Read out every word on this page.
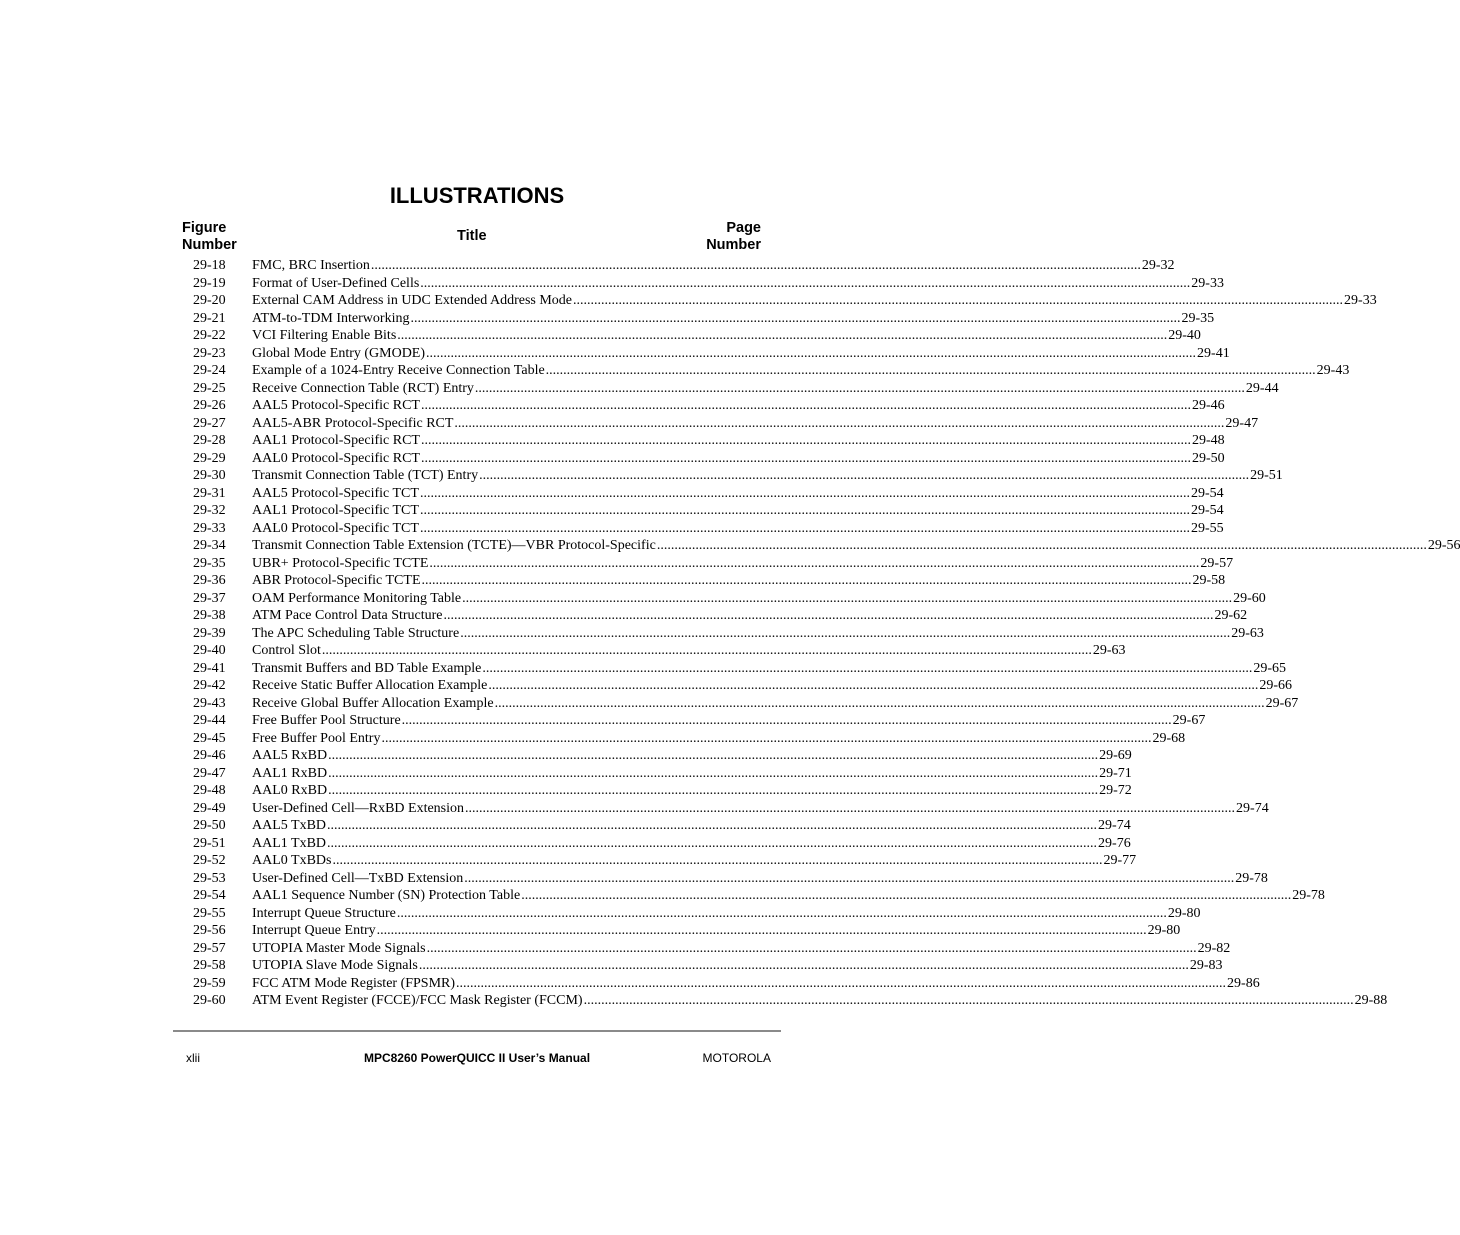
ILLUSTRATIONS
Figure
Number
Title	Page
Number
29-18 FMC, BRC Insertion ............................................................................................................................................................................................................................ 29-32
29-19 Format of User-Defined Cells ............................................................................................................................................................................................................................ 29-33
29-20 External CAM Address in UDC Extended Address Mode ............................................................................................................................................................................................................................ 29-33
29-21 ATM-to-TDM Interworking ............................................................................................................................................................................................................................ 29-35
29-22 VCI Filtering Enable Bits ............................................................................................................................................................................................................................ 29-40
29-23 Global Mode Entry (GMODE) ............................................................................................................................................................................................................................ 29-41
29-24 Example of a 1024-Entry Receive Connection Table ............................................................................................................................................................................................................................ 29-43
29-25 Receive Connection Table (RCT) Entry ............................................................................................................................................................................................................................ 29-44
29-26 AAL5 Protocol-Specific RCT ............................................................................................................................................................................................................................ 29-46
29-27 AAL5-ABR Protocol-Specific RCT ............................................................................................................................................................................................................................ 29-47
29-28 AAL1 Protocol-Specific RCT ............................................................................................................................................................................................................................ 29-48
29-29 AAL0 Protocol-Specific RCT ............................................................................................................................................................................................................................ 29-50
29-30 Transmit Connection Table (TCT) Entry ............................................................................................................................................................................................................................ 29-51
29-31 AAL5 Protocol-Specific TCT ............................................................................................................................................................................................................................ 29-54
29-32 AAL1 Protocol-Specific TCT ............................................................................................................................................................................................................................ 29-54
29-33 AAL0 Protocol-Specific TCT ............................................................................................................................................................................................................................ 29-55
29-34 Transmit Connection Table Extension (TCTE)—VBR Protocol-Specific ............................................................................................................................................................................................................................ 29-56
29-35 UBR+ Protocol-Specific TCTE ............................................................................................................................................................................................................................ 29-57
29-36 ABR Protocol-Specific TCTE ............................................................................................................................................................................................................................ 29-58
29-37 OAM Performance Monitoring Table ............................................................................................................................................................................................................................ 29-60
29-38 ATM Pace Control Data Structure ............................................................................................................................................................................................................................ 29-62
29-39 The APC Scheduling Table Structure ............................................................................................................................................................................................................................ 29-63
29-40 Control Slot ............................................................................................................................................................................................................................ 29-63
29-41 Transmit Buffers and BD Table Example ............................................................................................................................................................................................................................ 29-65
29-42 Receive Static Buffer Allocation Example ............................................................................................................................................................................................................................ 29-66
29-43 Receive Global Buffer Allocation Example ............................................................................................................................................................................................................................ 29-67
29-44 Free Buffer Pool Structure ............................................................................................................................................................................................................................ 29-67
29-45 Free Buffer Pool Entry ............................................................................................................................................................................................................................ 29-68
29-46 AAL5 RxBD ............................................................................................................................................................................................................................ 29-69
29-47 AAL1 RxBD ............................................................................................................................................................................................................................ 29-71
29-48 AAL0 RxBD ............................................................................................................................................................................................................................ 29-72
29-49 User-Defined Cell—RxBD Extension ............................................................................................................................................................................................................................ 29-74
29-50 AAL5 TxBD ............................................................................................................................................................................................................................ 29-74
29-51 AAL1 TxBD ............................................................................................................................................................................................................................ 29-76
29-52 AAL0 TxBDs ............................................................................................................................................................................................................................ 29-77
29-53 User-Defined Cell—TxBD Extension ............................................................................................................................................................................................................................ 29-78
29-54 AAL1 Sequence Number (SN) Protection Table ............................................................................................................................................................................................................................ 29-78
29-55 Interrupt Queue Structure ............................................................................................................................................................................................................................ 29-80
29-56 Interrupt Queue Entry ............................................................................................................................................................................................................................ 29-80
29-57 UTOPIA Master Mode Signals ............................................................................................................................................................................................................................ 29-82
29-58 UTOPIA Slave Mode Signals ............................................................................................................................................................................................................................ 29-83
29-59 FCC ATM Mode Register (FPSMR) ............................................................................................................................................................................................................................ 29-86
29-60 ATM Event Register (FCCE)/FCC Mask Register (FCCM) ............................................................................................................................................................................................................................ 29-88
xlii	MPC8260 PowerQUICC II User’s Manual	MOTOROLA
